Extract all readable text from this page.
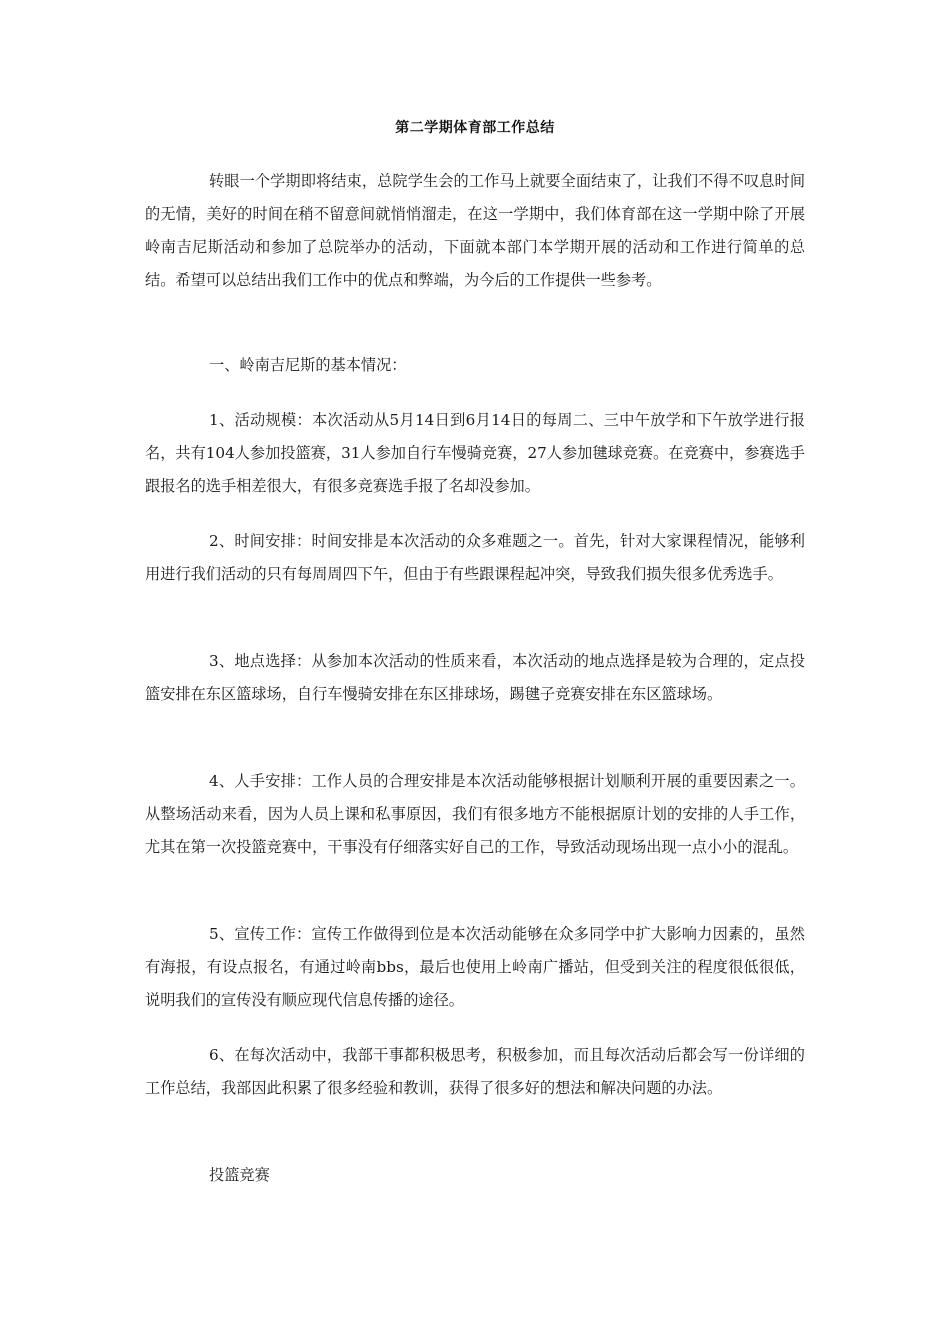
第二学期体育部工作总结

转眼一个学期即将结束，总院学生会的工作马上就要全面结束了，让我们不得不叹息时间的无情，美好的时间在稍不留意间就悄悄溜走，在这一学期中，我们体育部在这一学期中除了开展岭南吉尼斯活动和参加了总院举办的活动，下面就本部门本学期开展的活动和工作进行简单的总结。希望可以总结出我们工作中的优点和弊端，为今后的工作提供一些参考。

一、岭南吉尼斯的基本情况：

1、活动规模：本次活动从5月14日到6月14日的每周二、三中午放学和下午放学进行报名，共有104人参加投篮赛，31人参加自行车慢骑竞赛，27人参加毽球竞赛。在竞赛中，参赛选手跟报名的选手相差很大，有很多竞赛选手报了名却没参加。

2、时间安排：时间安排是本次活动的众多难题之一。首先，针对大家课程情况，能够利用进行我们活动的只有每周周四下午，但由于有些跟课程起冲突，导致我们损失很多优秀选手。

3、地点选择：从参加本次活动的性质来看，本次活动的地点选择是较为合理的，定点投篮安排在东区篮球场，自行车慢骑安排在东区排球场，踢毽子竞赛安排在东区篮球场。

4、人手安排：工作人员的合理安排是本次活动能够根据计划顺利开展的重要因素之一。从整场活动来看，因为人员上课和私事原因，我们有很多地方不能根据原计划的安排的人手工作，尤其在第一次投篮竞赛中，干事没有仔细落实好自己的工作，导致活动现场出现一点小小的混乱。

5、宣传工作：宣传工作做得到位是本次活动能够在众多同学中扩大影响力因素的，虽然有海报，有设点报名，有通过岭南bbs，最后也使用上岭南广播站，但受到关注的程度很低很低，说明我们的宣传没有顺应现代信息传播的途径。

6、在每次活动中，我部干事都积极思考，积极参加，而且每次活动后都会写一份详细的工作总结，我部因此积累了很多经验和教训，获得了很多好的想法和解决问题的办法。

投篮竞赛
